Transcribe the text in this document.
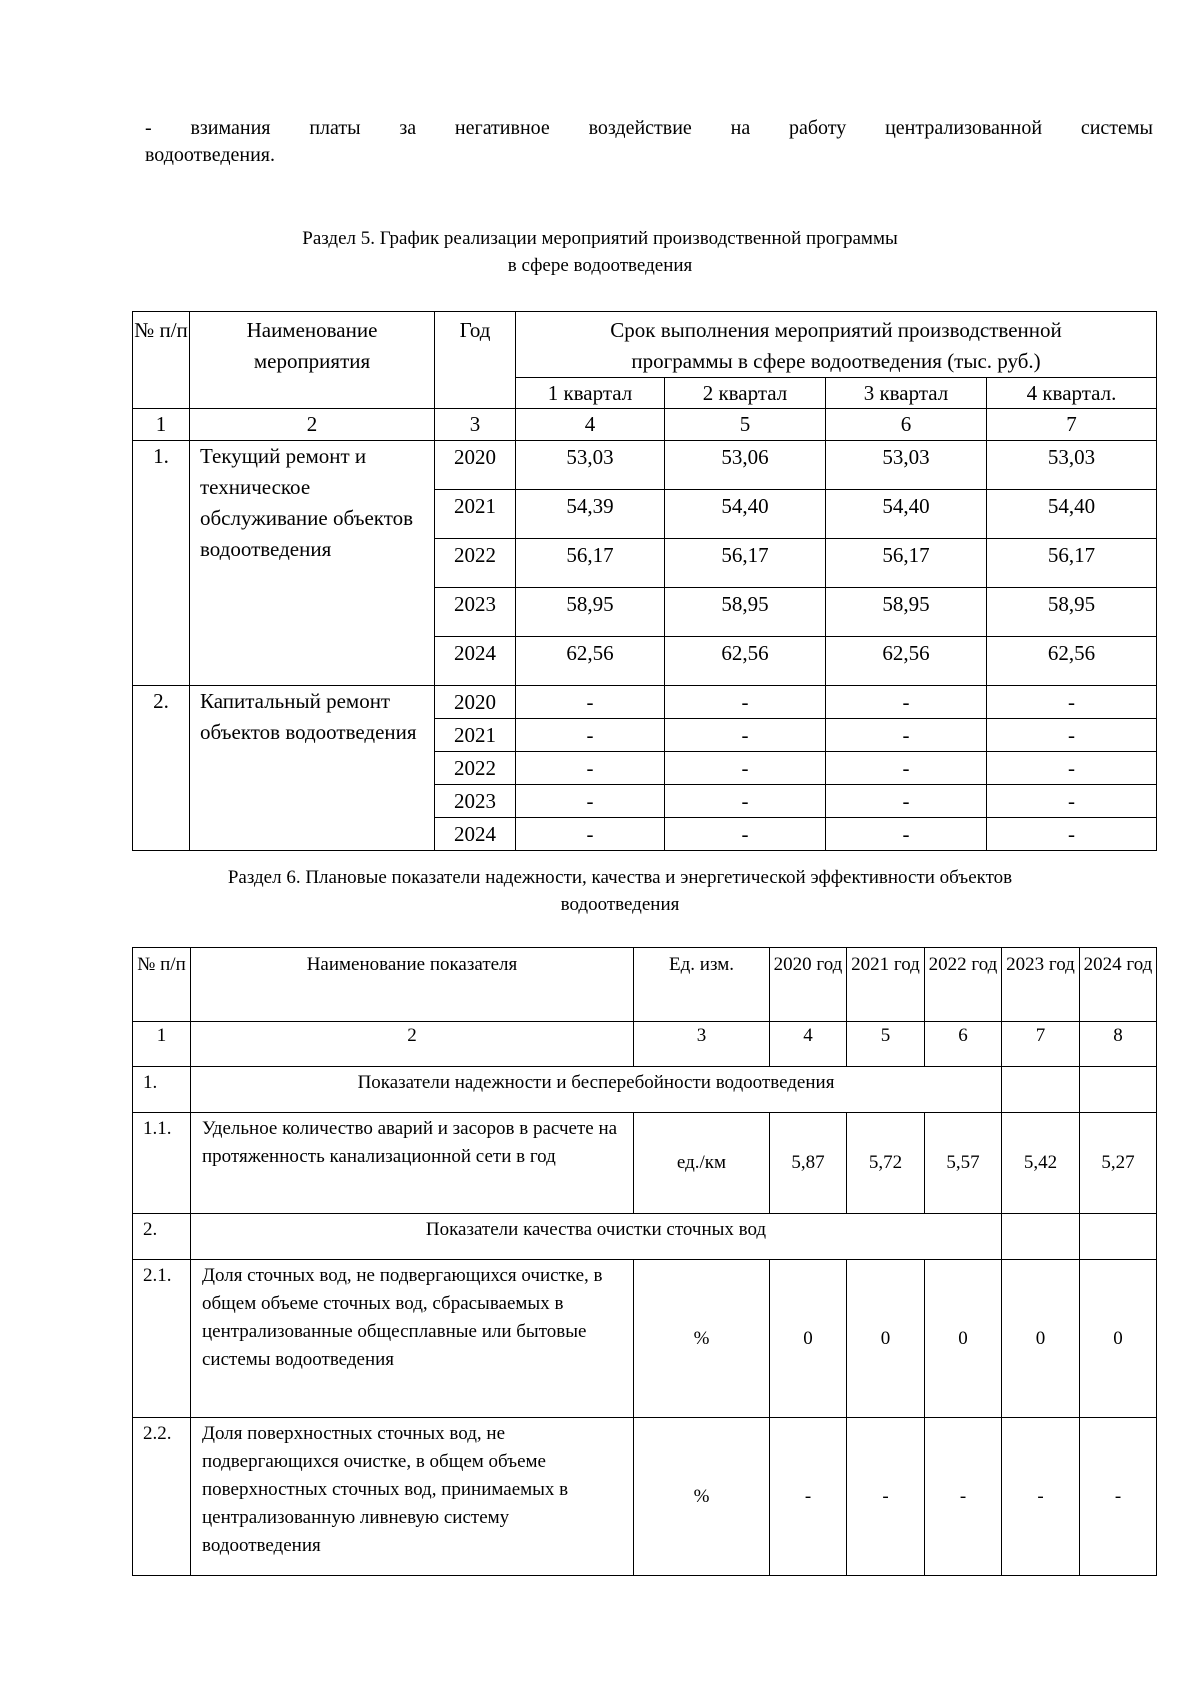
- взимания платы за негативное воздействие на работу централизованной системы
водоотведения.

Раздел 5. График реализации мероприятий производственной программы
в сфере водоотведения
№ п/п	Наименование мероприятия	Год	Срок выполнения мероприятий производственной
программы в сфере водоотведения (тыс. руб.)			

			1 квартал	2 квартал	3 квартал	4 квартал.
1	2	3	4	5	6	7
1.	Текущий ремонт и техническое обслуживание объектов водоотведения	2020	53,03	53,06	53,03	53,03
		2021	54,39	54,40	54,40	54,40
		2022	56,17	56,17	56,17	56,17
		2023	58,95	58,95	58,95	58,95
		2024	62,56	62,56	62,56	62,56
2.	Капитальный ремонт объектов водоотведения	2020	-	-	-	-
		2021	-	-	-	-
		2022	-	-	-	-
		2023	-	-	-	-
		2024	-	-	-	-
Раздел 6. Плановые показатели надежности, качества и энергетической эффективности объектов
водоотведения
№ п/п	Наименование показателя	Ед. изм.	2020 год	2021 год	2022 год	2023 год	2024 год
1	2	3	4	5	6	7	8
1.	Показатели надежности и бесперебойности водоотведения						
1.1.	Удельное количество аварий и засоров в расчете на протяженность канализационной сети в год	ед./км	5,87	5,72	5,57	5,42	5,27
2.	Показатели качества очистки сточных вод						
2.1.	Доля сточных вод, не подвергающихся очистке, в общем объеме сточных вод, сбрасываемых в централизованные общесплавные или бытовые системы водоотведения	%	0	0	0	0	0
2.2.	Доля поверхностных сточных вод, не подвергающихся очистке, в общем объеме поверхностных сточных вод, принимаемых в централизованную ливневую систему водоотведения	%	-	-	-	-	-
